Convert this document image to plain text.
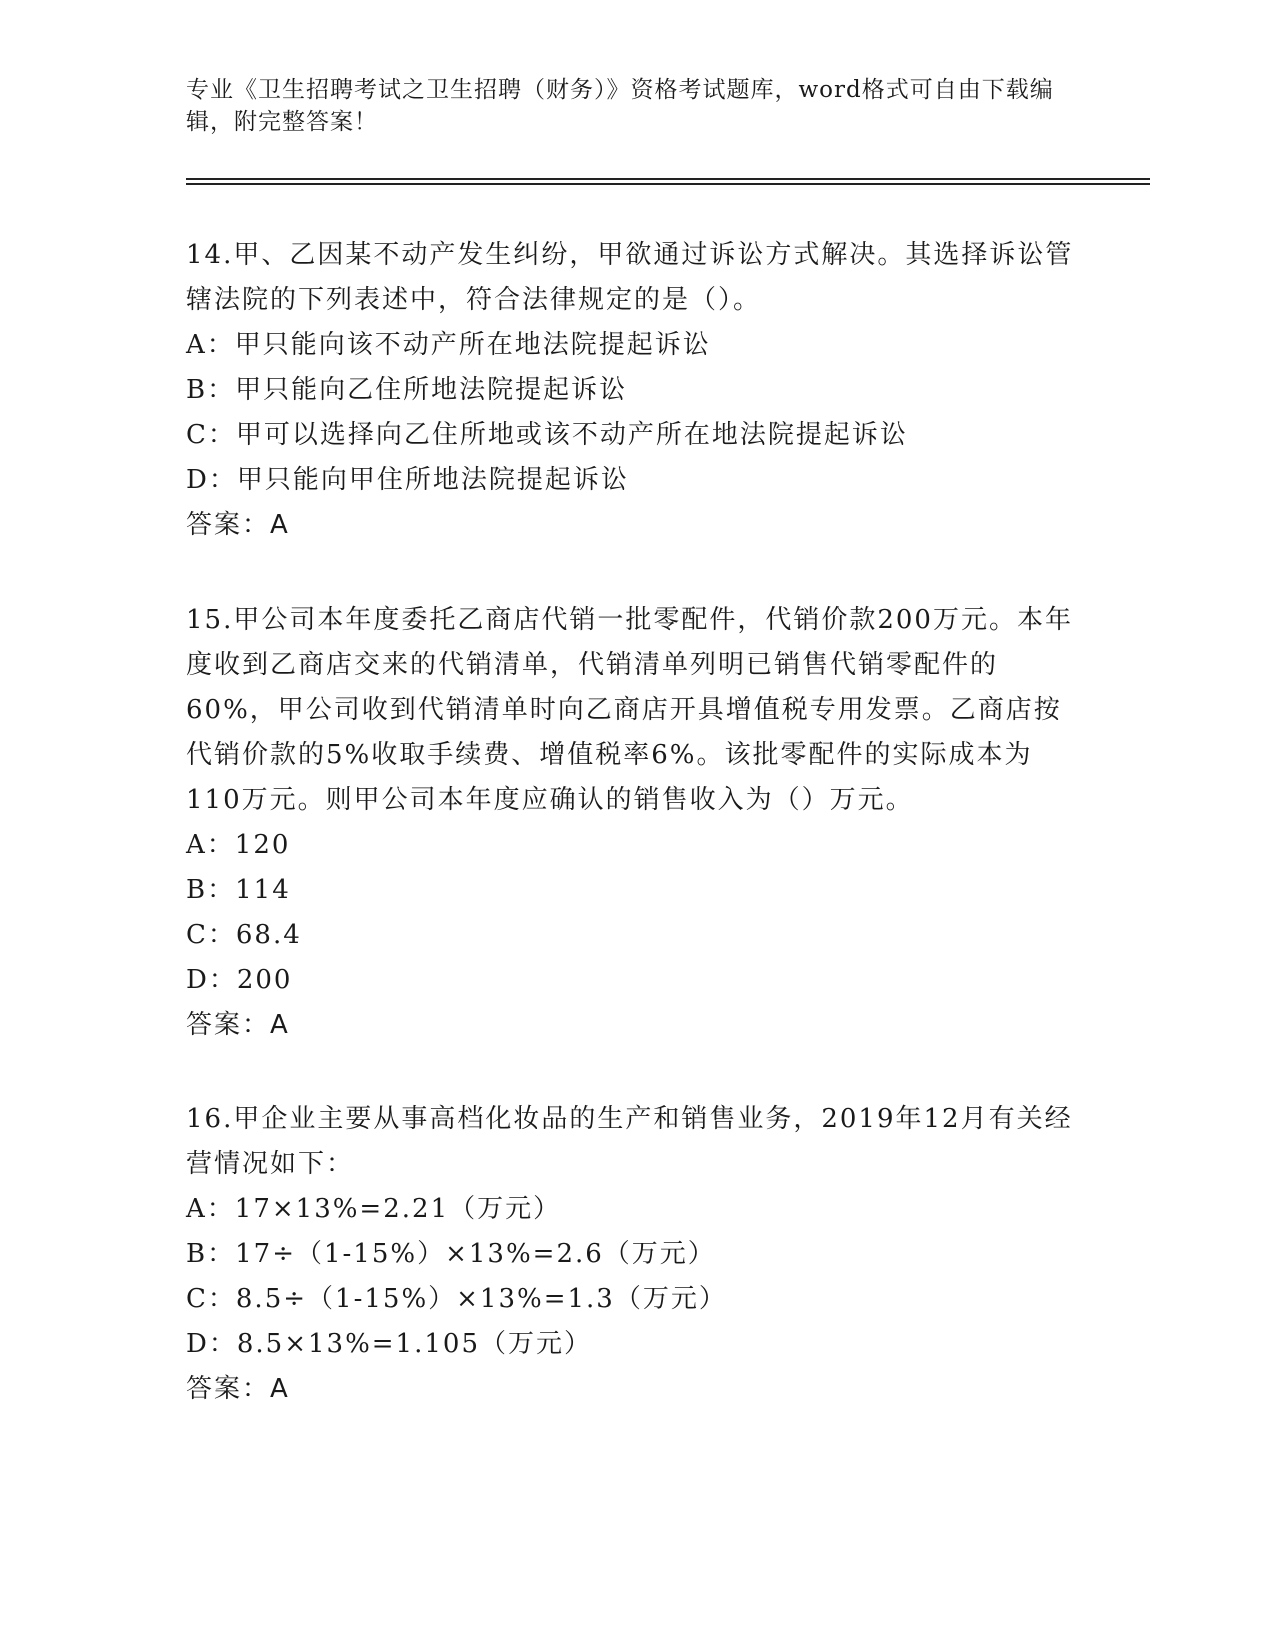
专业《卫生招聘考试之卫生招聘（财务）》资格考试题库，word格式可自由下载编辑，附完整答案！
14.甲、乙因某不动产发生纠纷，甲欲通过诉讼方式解决。其选择诉讼管辖法院的下列表述中，符合法律规定的是（）。
A：甲只能向该不动产所在地法院提起诉讼
B：甲只能向乙住所地法院提起诉讼
C：甲可以选择向乙住所地或该不动产所在地法院提起诉讼
D：甲只能向甲住所地法院提起诉讼
答案：A
15.甲公司本年度委托乙商店代销一批零配件，代销价款200万元。本年度收到乙商店交来的代销清单，代销清单列明已销售代销零配件的60%，甲公司收到代销清单时向乙商店开具增值税专用发票。乙商店按代销价款的5%收取手续费、增值税率6%。该批零配件的实际成本为110万元。则甲公司本年度应确认的销售收入为（）万元。
A：120
B：114
C：68.4
D：200
答案：A
16.甲企业主要从事高档化妆品的生产和销售业务，2019年12月有关经营情况如下：
A：17×13%=2.21（万元）
B：17÷（1-15%）×13%=2.6（万元）
C：8.5÷（1-15%）×13%=1.3（万元）
D：8.5×13%=1.105（万元）
答案：A
